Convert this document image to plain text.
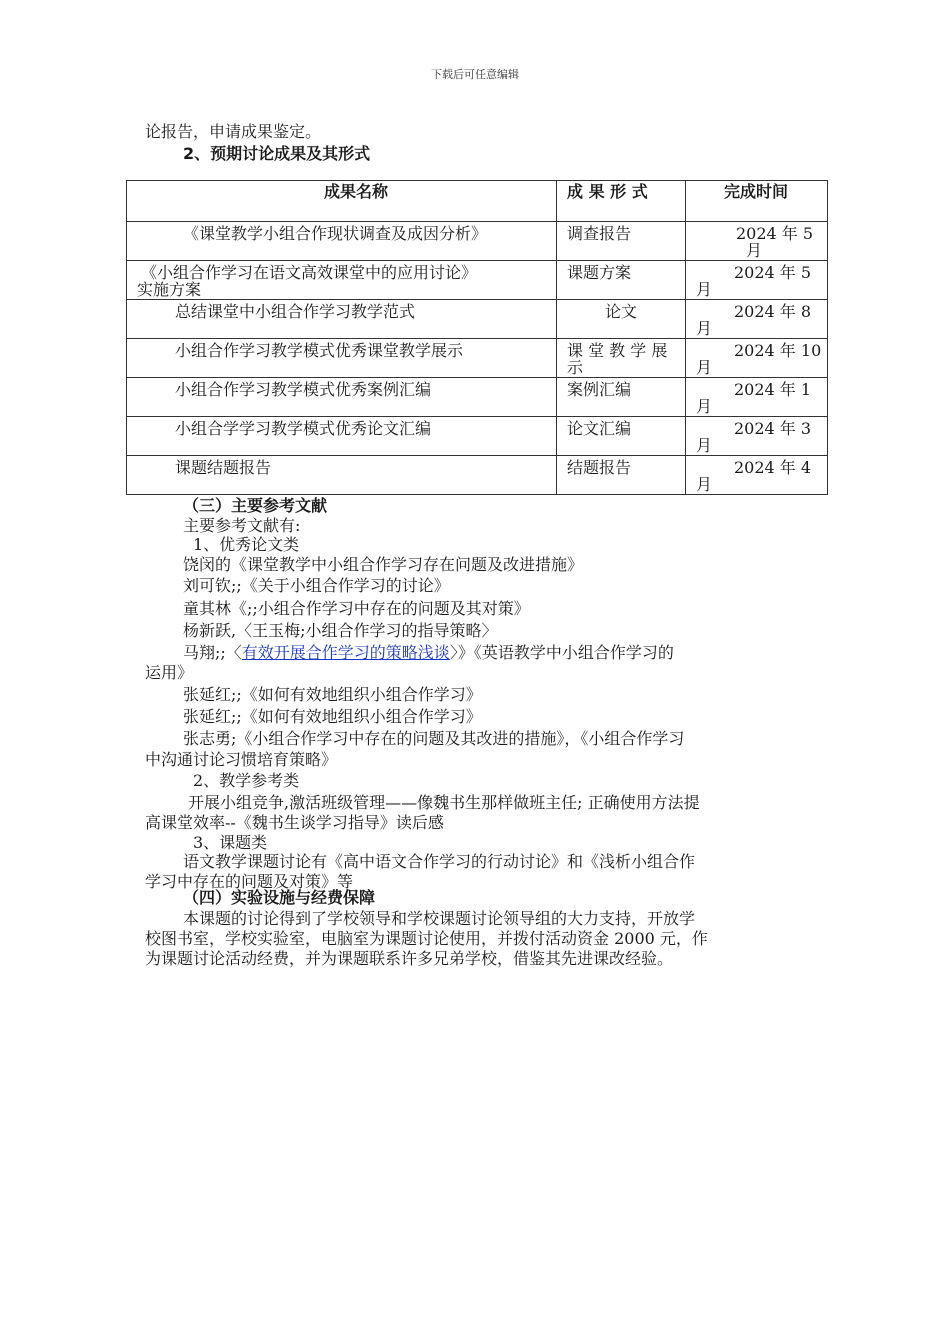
下载后可任意编辑
论报告，申请成果鉴定。
2、预期讨论成果及其形式
成果名称	成 果 形 式	完成时间

《课堂教学小组合作现状调查及成因分析》	调查报告	2024 年 5
月

《小组合作学习在语文高效课堂中的应用讨论》
实施方案	课题方案	2024 年 5
月

总结课堂中小组合作学习教学范式	论文	2024 年 8
月

小组合作学习教学模式优秀课堂教学展示	课 堂 教 学 展
示	2024 年 10
月

小组合作学习教学模式优秀案例汇编	案例汇编	2024 年 1
月

小组合学学习教学模式优秀论文汇编	论文汇编	2024 年 3
月

课题结题报告	结题报告	2024 年 4
月
（三）主要参考文献
主要参考文献有:
1、优秀论文类
饶闵的《课堂教学中小组合作学习存在问题及改进措施》
刘可钦;;《关于小组合作学习的讨论》
童其林《;;小组合作学习中存在的问题及其对策》
杨新跃,〈王玉梅;小组合作学习的指导策略〉
马翔;;〈有效开展合作学习的策略浅谈〉》《英语教学中小组合作学习的
运用》
张延红;;《如何有效地组织小组合作学习》
张延红;;《如何有效地组织小组合作学习》
张志勇;《小组合作学习中存在的问题及其改进的措施》，《小组合作学习
中沟通讨论习惯培育策略》
2、教学参考类
开展小组竞争,激活班级管理——像魏书生那样做班主任; 正确使用方法提
高课堂效率--《魏书生谈学习指导》读后感
3、课题类
语文教学课题讨论有《高中语文合作学习的行动讨论》和《浅析小组合作
学习中存在的问题及对策》等
（四）实验设施与经费保障
本课题的讨论得到了学校领导和学校课题讨论领导组的大力支持，开放学
校图书室，学校实验室，电脑室为课题讨论使用，并拨付活动资金 2000 元，作
为课题讨论活动经费，并为课题联系许多兄弟学校，借鉴其先进课改经验。
